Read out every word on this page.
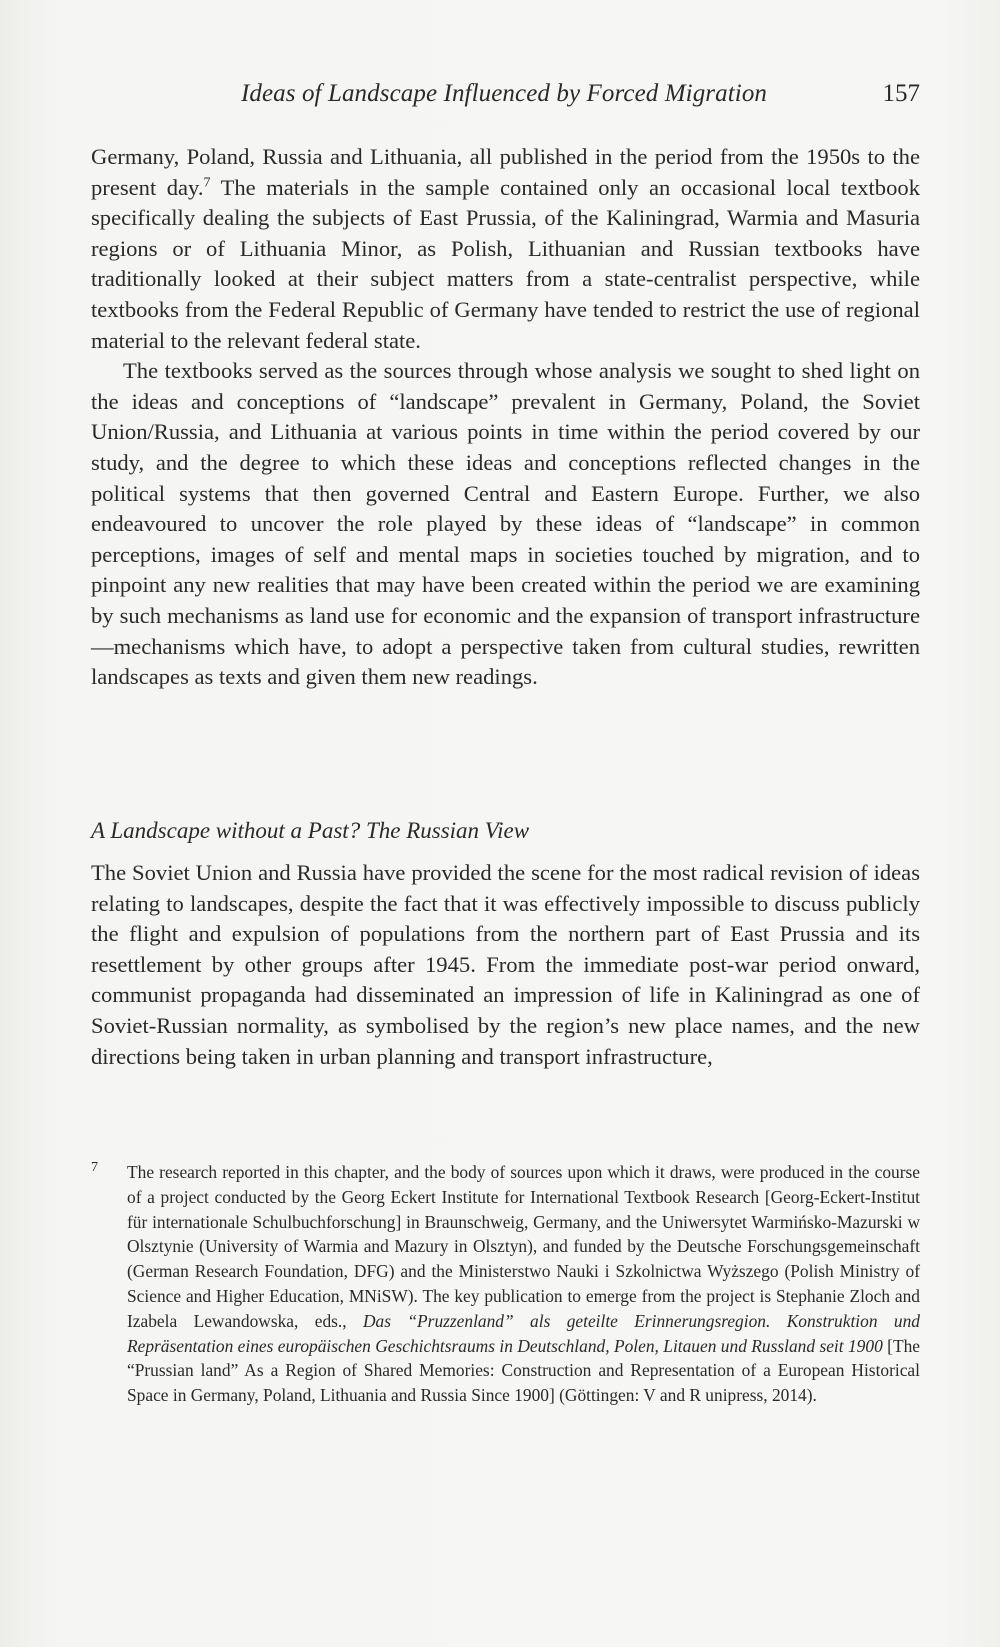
Ideas of Landscape Influenced by Forced Migration	157

Germany, Poland, Russia and Lithuania, all published in the period from the 1950s to the present day.$^7$ The materials in the sample contained only an occasional local textbook specifically dealing the subjects of East Prussia, of the Kaliningrad, Warmia and Masuria regions or of Lithuania Minor, as Polish, Lithuanian and Russian textbooks have traditionally looked at their subject matters from a state-centralist perspective, while textbooks from the Federal Republic of Germany have tended to restrict the use of regional material to the relevant federal state.

The textbooks served as the sources through whose analysis we sought to shed light on the ideas and conceptions of “landscape” prevalent in Germany, Poland, the Soviet Union/Russia, and Lithuania at various points in time within the period covered by our study, and the degree to which these ideas and conceptions reflected changes in the political systems that then governed Central and Eastern Europe. Further, we also endeavoured to uncover the role played by these ideas of “landscape” in common perceptions, images of self and mental maps in societies touched by migration, and to pinpoint any new realities that may have been created within the period we are examining by such mechanisms as land use for economic and the expansion of transport infrastructure—mechanisms which have, to adopt a perspective taken from cultural studies, rewritten landscapes as texts and given them new readings.

A Landscape without a Past? The Russian View

The Soviet Union and Russia have provided the scene for the most radical revision of ideas relating to landscapes, despite the fact that it was effectively impossible to discuss publicly the flight and expulsion of populations from the northern part of East Prussia and its resettlement by other groups after 1945. From the immediate post-war period onward, communist propaganda had disseminated an impression of life in Kaliningrad as one of Soviet-Russian normality, as symbolised by the region’s new place names, and the new directions being taken in urban planning and transport infrastructure,

7 The research reported in this chapter, and the body of sources upon which it draws, were produced in the course of a project conducted by the Georg Eckert Institute for International Textbook Research [Georg-Eckert-Institut für internationale Schulbuchforschung] in Braunschweig, Germany, and the Uniwersytet Warmińsko-Mazurski w Olsztynie (University of Warmia and Mazury in Olsztyn), and funded by the Deutsche Forschungsgemeinschaft (German Research Foundation, DFG) and the Ministerstwo Nauki i Szkolnictwa Wyższego (Polish Ministry of Science and Higher Education, MNiSW). The key publication to emerge from the project is Stephanie Zloch and Izabela Lewandowska, eds., Das “Pruzzenland” als geteilte Erinnerungsregion. Konstruktion und Repräsentation eines europäischen Geschichtsraums in Deutschland, Polen, Litauen und Russland seit 1900 [The “Prussian land” As a Region of Shared Memories: Construction and Representation of a European Historical Space in Germany, Poland, Lithuania and Russia Since 1900] (Göttingen: V and R unipress, 2014).
